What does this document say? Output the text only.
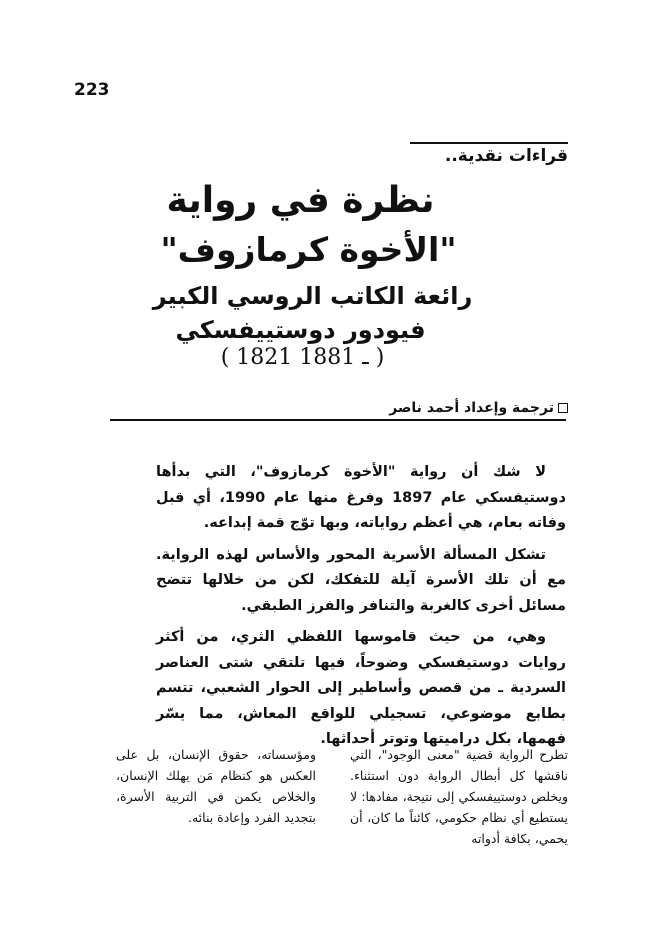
223
قراءات نقدية..
نظرة في رواية
"الأخوة كرمازوف"
رائعة الكاتب الروسي الكبير
فيودور دوستييفسكي
( 1821 ـ 1881 )
ترجمة وإعداد أحمد ناصر

لا شك أن رواية "الأخوة كرمازوف"، التي بدأها دوستيفسكي عام 1897 وفرغ منها عام 1990، أي قبل وفاته بعام، هي أعظم رواياته، وبها توّج قمة إبداعه.

تشكل المسألة الأسرية المحور والأساس لهذه الرواية. مع أن تلك الأسرة آيلة للتفكك، لكن من خلالها تتضح مسائل أخرى كالغربة والتنافر والفرز الطبقي.

وهي، من حيث قاموسها اللفظي الثري، من أكثر روايات دوستيفسكي وضوحاً، فيها تلتقي شتى العناصر السردية ـ من قصص وأساطير إلى الحوار الشعبي، تتسم بطابع موضوعي، تسجيلي للواقع المعاش، مما يسّر فهمها، بكل دراميتها وتوتر أحداثها.

تطرح الرواية قضية "معنى الوجود"، التي ناقشها كل أبطال الرواية دون استثناء. ويخلص دوستييفسكي إلى نتيجة، مفادها: لا يستطيع أي نظام حكومي، كائناً ما كان، أن يحمي، بكافة أدواته
ومؤسساته، حقوق الإنسان، بل على العكس هو كنظام مَن يهلك الإنسان، والخلاص يكمن في التربية الأسرة، بتجديد الفرد وإعادة بنائه.
